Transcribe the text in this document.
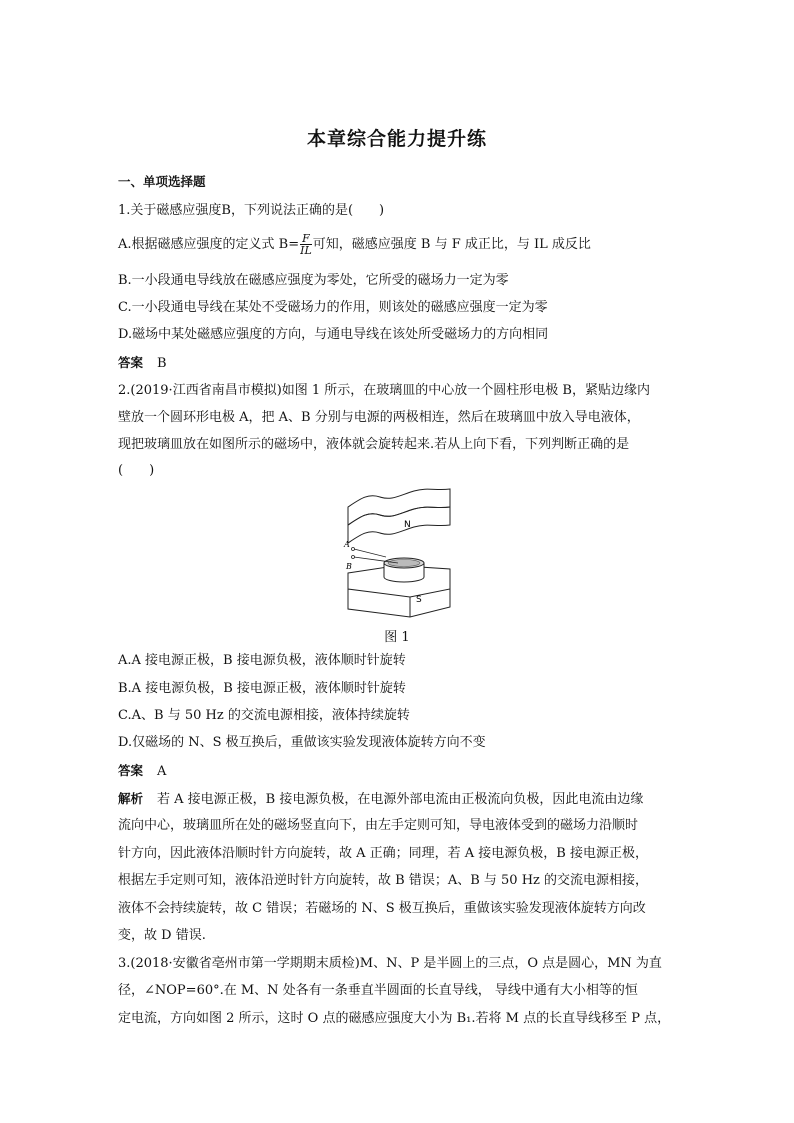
本章综合能力提升练
一、单项选择题
1.关于磁感应强度B，下列说法正确的是(　　)
A.根据磁感应强度的定义式 $B= \frac{F}{IL}$ 可知，磁感应强度 B 与 F 成正比，与 IL 成反比
B.一小段通电导线放在磁感应强度为零处，它所受的磁场力一定为零
C.一小段通电导线在某处不受磁场力的作用，则该处的磁感应强度一定为零
D.磁场中某处磁感应强度的方向，与通电导线在该处所受磁场力的方向相同
答案 B
2.(2019·江西省南昌市模拟)如图 1 所示，在玻璃皿的中心放一个圆柱形电极 B，紧贴边缘内
壁放一个圆环形电极 A，把 A、B 分别与电源的两极相连，然后在玻璃皿中放入导电液体，
现把玻璃皿放在如图所示的磁场中，液体就会旋转起来.若从上向下看，下列判断正确的是
(　　)
N
S
A
B
图 1
A.A 接电源正极，B 接电源负极，液体顺时针旋转
B.A 接电源负极，B 接电源正极，液体顺时针旋转
C.A、B 与 50 Hz 的交流电源相接，液体持续旋转
D.仅磁场的 N、S 极互换后，重做该实验发现液体旋转方向不变
答案 A
解析 若 A 接电源正极，B 接电源负极，在电源外部电流由正极流向负极，因此电流由边缘
流向中心，玻璃皿所在处的磁场竖直向下，由左手定则可知，导电液体受到的磁场力沿顺时
针方向，因此液体沿顺时针方向旋转，故 A 正确；同理，若 A 接电源负极，B 接电源正极，
根据左手定则可知，液体沿逆时针方向旋转，故 B 错误；A、B 与 50 Hz 的交流电源相接，
液体不会持续旋转，故 C 错误；若磁场的 N、S 极互换后，重做该实验发现液体旋转方向改
变，故 D 错误.
3.(2018·安徽省亳州市第一学期期末质检)M、N、P 是半圆上的三点，O 点是圆心，MN 为直
径，∠NOP=60°.在 M、N 处各有一条垂直半圆面的长直导线， 导线中通有大小相等的恒
定电流，方向如图 2 所示，这时 O 点的磁感应强度大小为 B₁.若将 M 点的长直导线移至 P 点，
